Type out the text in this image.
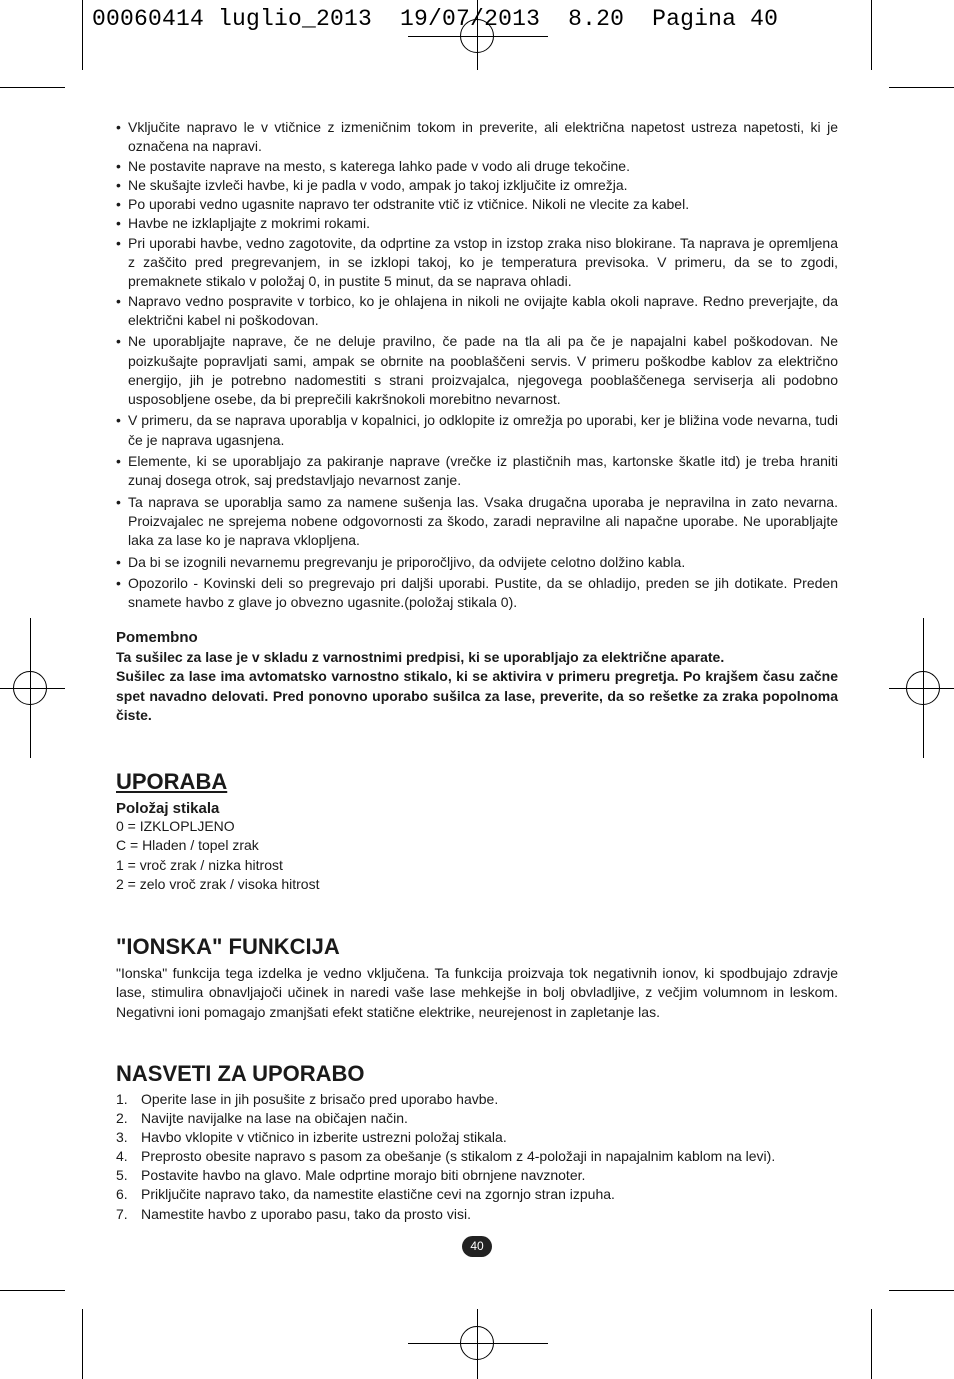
00060414 luglio_2013  19/07/2013  8.20  Pagina 40
• Vključite napravo le v vtičnice z izmeničnim tokom in preverite, ali električna napetost ustreza napetosti, ki je označena na napravi.
• Ne postavite naprave na mesto, s katerega lahko pade v vodo ali druge tekočine.
• Ne skušajte izvleči havbe, ki je padla v vodo, ampak jo takoj izključite iz omrežja.
• Po uporabi vedno ugasnite napravo ter odstranite vtič iz vtičnice. Nikoli ne vlecite za kabel.
• Havbe ne izklapljajte z mokrimi rokami.
• Pri uporabi havbe, vedno zagotovite, da odprtine za vstop in izstop zraka niso blokirane. Ta naprava je opremljena z zaščito pred pregrevanjem, in se izklopi takoj, ko je temperatura previsoka. V primeru, da se to zgodi, premaknete stikalo v položaj 0, in pustite 5 minut, da se naprava ohladi.
• Napravo vedno pospravite v torbico, ko je ohlajena in nikoli ne ovijajte kabla okoli naprave. Redno preverjajte, da električni kabel ni poškodovan.
• Ne uporabljajte naprave, če ne deluje pravilno, če pade na tla ali pa če je napajalni kabel poškodovan. Ne poizkušajte popravljati sami, ampak se obrnite na pooblaščeni servis. V primeru poškodbe kablov za električno energijo, jih je potrebno nadomestiti s strani proizvajalca, njegovega pooblaščenega serviserja ali podobno usposobljene osebe, da bi preprečili kakršnokoli morebitno nevarnost.
• V primeru, da se naprava uporablja v kopalnici, jo odklopite iz omrežja po uporabi, ker je bližina vode nevarna, tudi če je naprava ugasnjena.
• Elemente, ki se uporabljajo za pakiranje naprave (vrečke iz plastičnih mas, kartonske škatle itd) je treba hraniti zunaj dosega otrok, saj predstavljajo nevarnost zanje.
• Ta naprava se uporablja samo za namene sušenja las. Vsaka drugačna uporaba je nepravilna in zato nevarna. Proizvajalec ne sprejema nobene odgovornosti za škodo, zaradi nepravilne ali napačne uporabe. Ne uporabljajte laka za lase ko je naprava vklopljena.
• Da bi se izognili nevarnemu pregrevanju je priporočljivo, da odvijete celotno dolžino kabla.
• Opozorilo - Kovinski deli so pregrevajo pri daljši uporabi. Pustite, da se ohladijo, preden se jih dotikate. Preden snamete havbo z glave jo obvezno ugasnite.(položaj stikala 0).

Pomembno

Ta sušilec za lase je v skladu z varnostnimi predpisi, ki se uporabljajo za električne aparate.

Sušilec za lase ima avtomatsko varnostno stikalo, ki se aktivira v primeru pregretja. Po krajšem času začne spet navadno delovati. Pred ponovno uporabo sušilca za lase, preverite, da so rešetke za zraka popolnoma čiste.

UPORABA

Položaj stikala

0 = IZKLOPLJENO

C = Hladen / topel zrak

1 = vroč zrak / nizka hitrost

2 = zelo vroč zrak / visoka hitrost

"IONSKA" FUNKCIJA

"Ionska" funkcija tega izdelka je vedno vključena. Ta funkcija proizvaja tok negativnih ionov, ki spodbujajo zdravje lase, stimulira obnavljajoči učinek in naredi vaše lase mehkejše in bolj obvladljive, z večjim volumnom in leskom. Negativni ioni pomagajo zmanjšati efekt statične elektrike, neurejenost in zapletanje las.

NASVETI ZA UPORABO

1. Operite lase in jih posušite z brisačo pred uporabo havbe.
2. Navijte navijalke na lase na običajen način.
3. Havbo vklopite v vtičnico in izberite ustrezni položaj stikala.
4. Preprosto obesite napravo s pasom za obešanje (s stikalom z 4-položaji in napajalnim kablom na levi).
5. Postavite havbo na glavo. Male odprtine morajo biti obrnjene navznoter.
6. Priključite napravo tako, da namestite elastične cevi na zgornjo stran izpuha.
7. Namestite havbo z uporabo pasu, tako da prosto visi.
40
